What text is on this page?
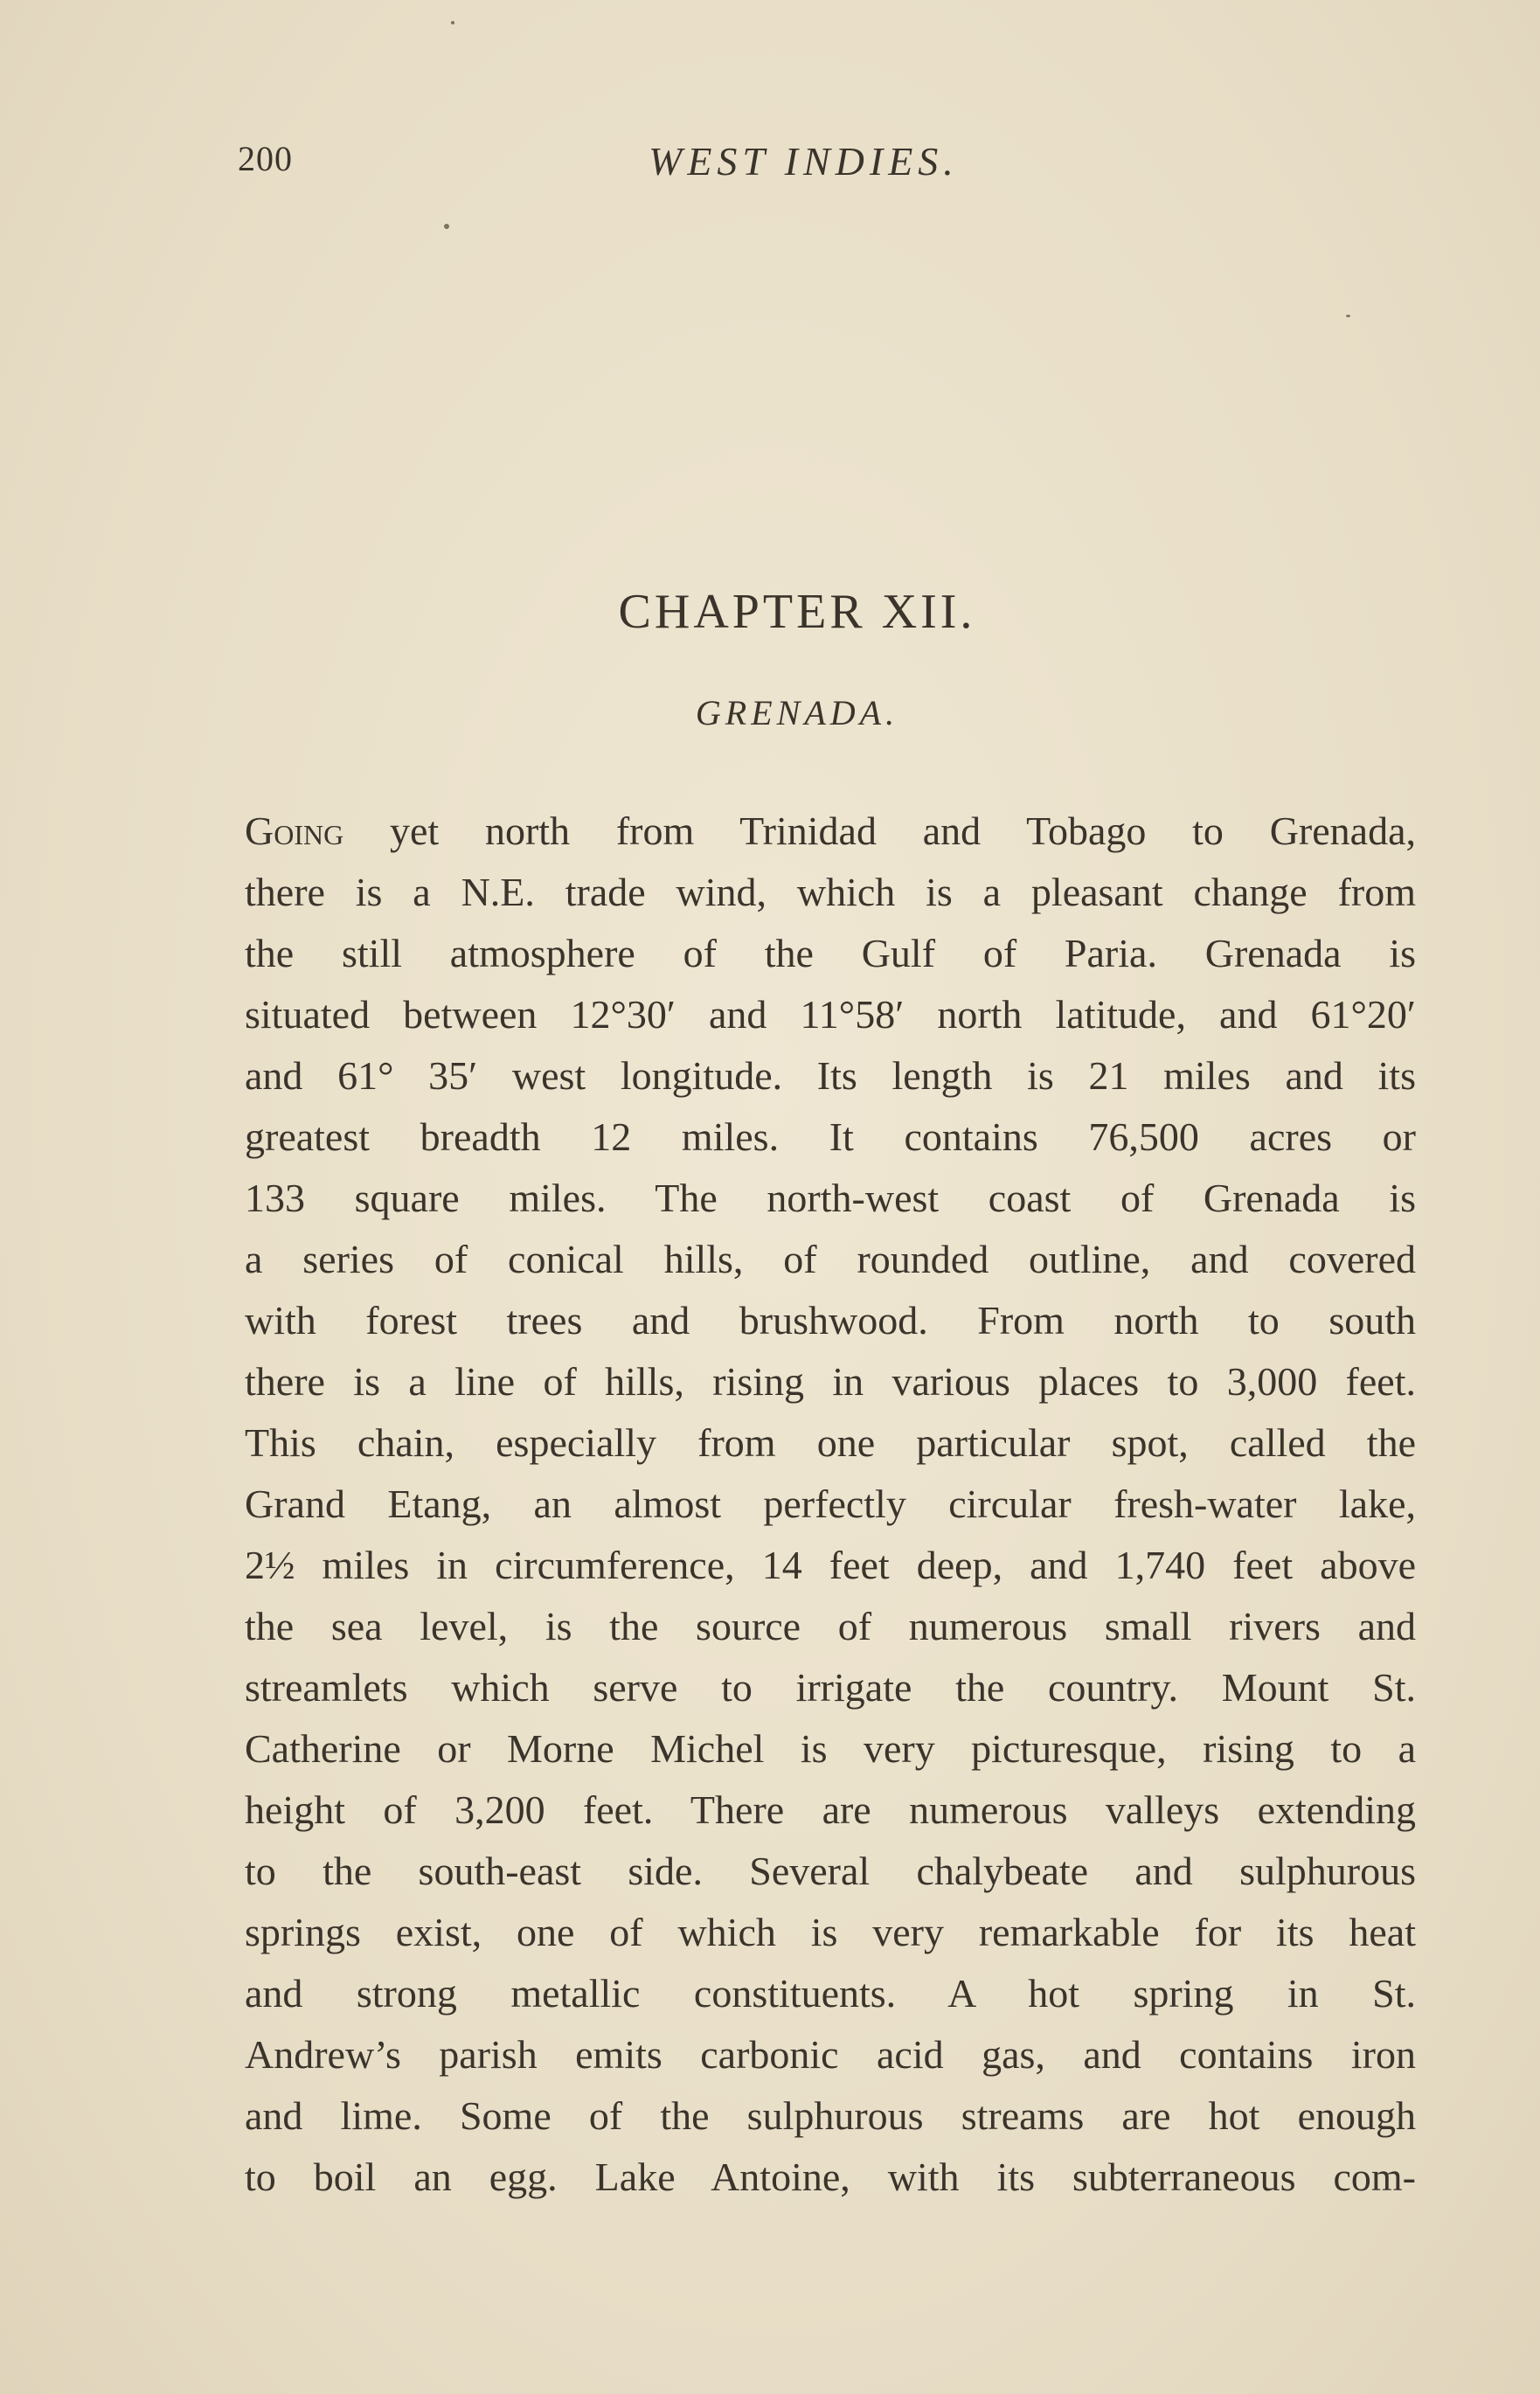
200	WEST INDIES.
CHAPTER XII.
GRENADA.
Going yet north from Trinidad and Tobago to Grenada,
there is a N.E. trade wind, which is a pleasant change from
the still atmosphere of the Gulf of Paria. Grenada is
situated between 12°30′ and 11°58′ north latitude, and 61°20′
and 61° 35′ west longitude. Its length is 21 miles and its
greatest breadth 12 miles. It contains 76,500 acres or
133 square miles. The north-west coast of Grenada is
a series of conical hills, of rounded outline, and covered
with forest trees and brushwood. From north to south
there is a line of hills, rising in various places to 3,000 feet.
This chain, especially from one particular spot, called the
Grand Etang, an almost perfectly circular fresh-water lake,
2½ miles in circumference, 14 feet deep, and 1,740 feet above
the sea level, is the source of numerous small rivers and
streamlets which serve to irrigate the country. Mount St.
Catherine or Morne Michel is very picturesque, rising to a
height of 3,200 feet. There are numerous valleys extending
to the south-east side. Several chalybeate and sulphurous
springs exist, one of which is very remarkable for its heat
and strong metallic constituents. A hot spring in St.
Andrew’s parish emits carbonic acid gas, and contains iron
and lime. Some of the sulphurous streams are hot enough
to boil an egg. Lake Antoine, with its subterraneous com-
